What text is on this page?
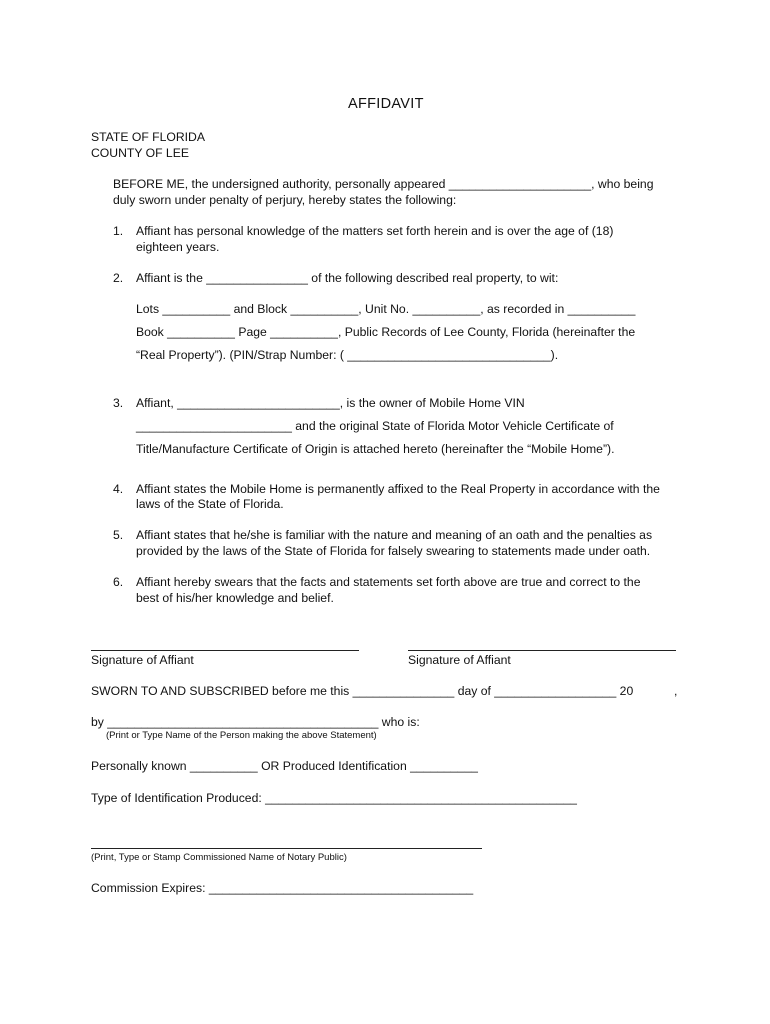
AFFIDAVIT
STATE OF FLORIDA
COUNTY OF LEE
BEFORE ME, the undersigned authority, personally appeared _____________________, who being
duly sworn under penalty of perjury, hereby states the following:
1. Affiant has personal knowledge of the matters set forth herein and is over the age of (18)
eighteen years.
2. Affiant is the _______________ of the following described real property, to wit:
Lots __________ and Block __________, Unit No. __________, as recorded in __________
Book __________ Page __________, Public Records of Lee County, Florida (hereinafter the
“Real Property”). (PIN/Strap Number: ( ______________________________).
3. Affiant, ________________________, is the owner of Mobile Home VIN
_______________________ and the original State of Florida Motor Vehicle Certificate of
Title/Manufacture Certificate of Origin is attached hereto (hereinafter the “Mobile Home”).
4. Affiant states the Mobile Home is permanently affixed to the Real Property in accordance with the
laws of the State of Florida.
5. Affiant states that he/she is familiar with the nature and meaning of an oath and the penalties as
provided by the laws of the State of Florida for falsely swearing to statements made under oath.
6. Affiant hereby swears that the facts and statements set forth above are true and correct to the
best of his/her knowledge and belief.
Signature of Affiant	Signature of Affiant
SWORN TO AND SUBSCRIBED before me this _______________ day of __________________ 20	,
by ________________________________________ who is:
(Print or Type Name of the Person making the above Statement)
Personally known __________ OR Produced Identification __________
Type of Identification Produced: ______________________________________________
(Print, Type or Stamp Commissioned Name of Notary Public)
Commission Expires: _______________________________________
